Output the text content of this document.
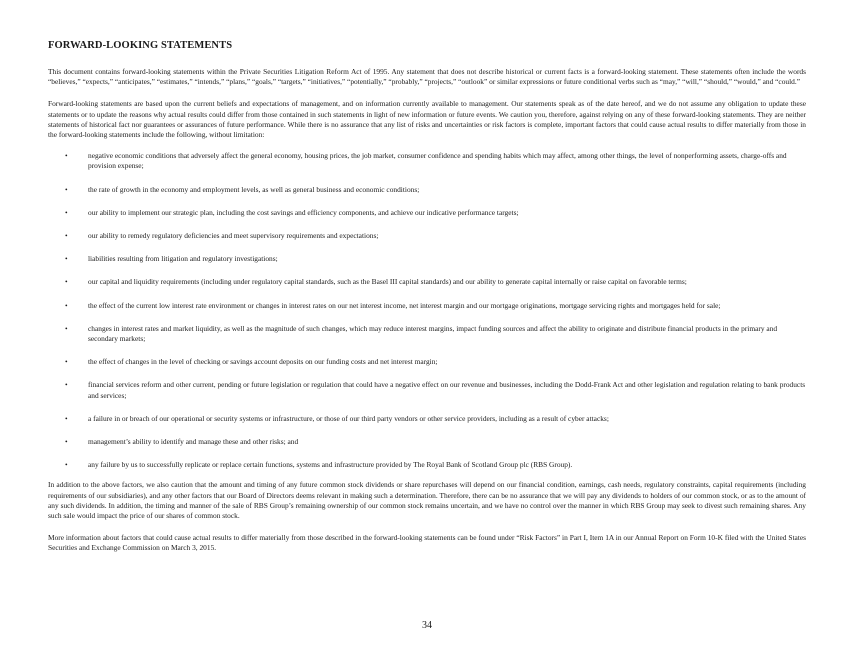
FORWARD-LOOKING STATEMENTS

This document contains forward-looking statements within the Private Securities Litigation Reform Act of 1995. Any statement that does not describe historical or current facts is a forward-looking statement. These statements often include the words “believes,” “expects,” “anticipates,” “estimates,” “intends,” “plans,” “goals,” “targets,” “initiatives,” “potentially,” “probably,” “projects,” “outlook” or similar expressions or future conditional verbs such as “may,” “will,” “should,” “would,” and “could.”

Forward-looking statements are based upon the current beliefs and expectations of management, and on information currently available to management. Our statements speak as of the date hereof, and we do not assume any obligation to update these statements or to update the reasons why actual results could differ from those contained in such statements in light of new information or future events. We caution you, therefore, against relying on any of these forward-looking statements. They are neither statements of historical fact nor guarantees or assurances of future performance. While there is no assurance that any list of risks and uncertainties or risk factors is complete, important factors that could cause actual results to differ materially from those in the forward-looking statements include the following, without limitation:

•	negative economic conditions that adversely affect the general economy, housing prices, the job market, consumer confidence and spending habits which may affect, among other things, the level of nonperforming assets, charge-offs and provision expense;
•	the rate of growth in the economy and employment levels, as well as general business and economic conditions;
•	our ability to implement our strategic plan, including the cost savings and efficiency components, and achieve our indicative performance targets;
•	our ability to remedy regulatory deficiencies and meet supervisory requirements and expectations;
•	liabilities resulting from litigation and regulatory investigations;
•	our capital and liquidity requirements (including under regulatory capital standards, such as the Basel III capital standards) and our ability to generate capital internally or raise capital on favorable terms;
•	the effect of the current low interest rate environment or changes in interest rates on our net interest income, net interest margin and our mortgage originations, mortgage servicing rights and mortgages held for sale;
•	changes in interest rates and market liquidity, as well as the magnitude of such changes, which may reduce interest margins, impact funding sources and affect the ability to originate and distribute financial products in the primary and secondary markets;
•	the effect of changes in the level of checking or savings account deposits on our funding costs and net interest margin;
•	financial services reform and other current, pending or future legislation or regulation that could have a negative effect on our revenue and businesses, including the Dodd-Frank Act and other legislation and regulation relating to bank products and services;
•	a failure in or breach of our operational or security systems or infrastructure, or those of our third party vendors or other service providers, including as a result of cyber attacks;
•	management’s ability to identify and manage these and other risks; and
•	any failure by us to successfully replicate or replace certain functions, systems and infrastructure provided by The Royal Bank of Scotland Group plc (RBS Group).

In addition to the above factors, we also caution that the amount and timing of any future common stock dividends or share repurchases will depend on our financial condition, earnings, cash needs, regulatory constraints, capital requirements (including requirements of our subsidiaries), and any other factors that our Board of Directors deems relevant in making such a determination. Therefore, there can be no assurance that we will pay any dividends to holders of our common stock, or as to the amount of any such dividends. In addition, the timing and manner of the sale of RBS Group’s remaining ownership of our common stock remains uncertain, and we have no control over the manner in which RBS Group may seek to divest such remaining shares. Any such sale would impact the price of our shares of common stock.

More information about factors that could cause actual results to differ materially from those described in the forward-looking statements can be found under “Risk Factors” in Part I, Item 1A in our Annual Report on Form 10-K filed with the United States Securities and Exchange Commission on March 3, 2015.

34
